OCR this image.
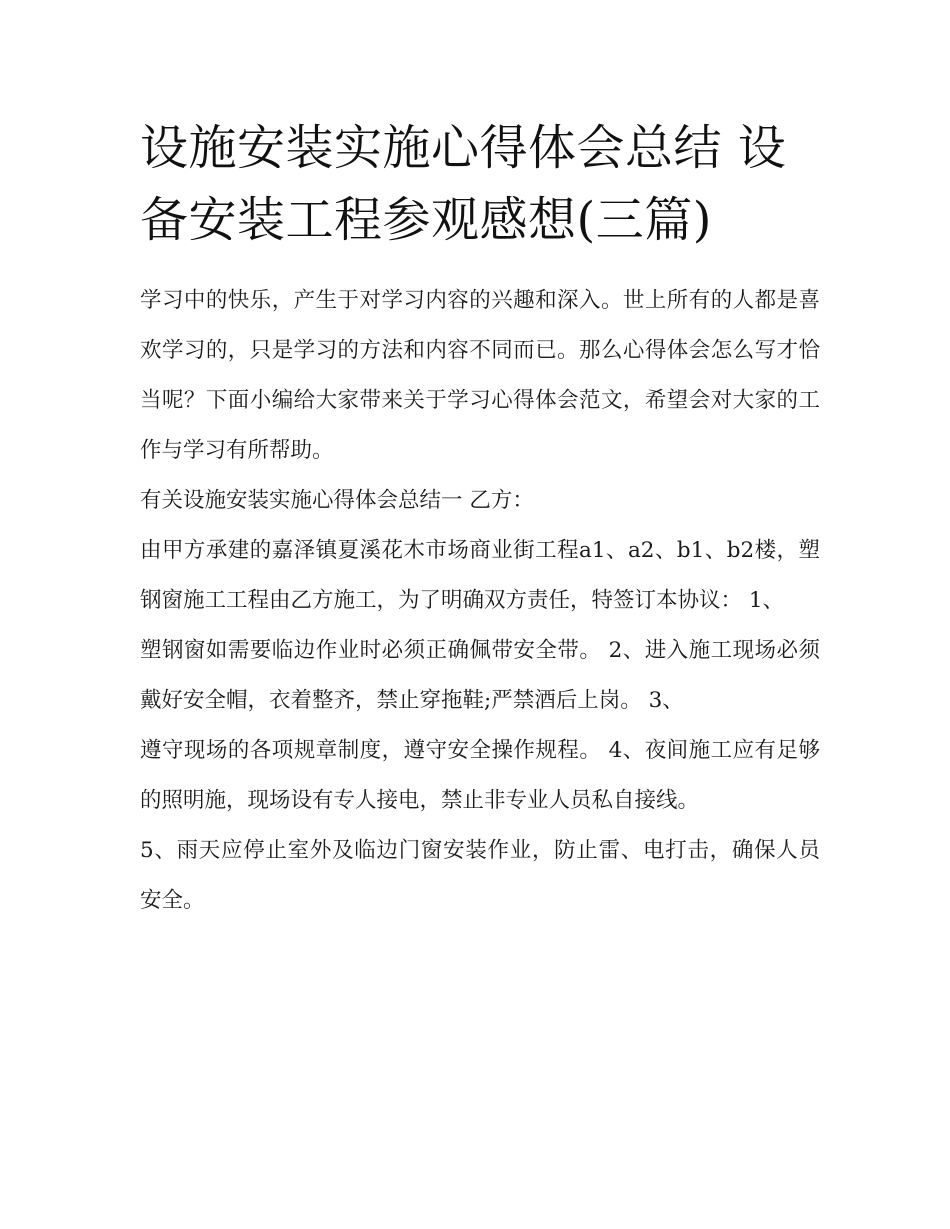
设施安装实施心得体会总结 设备安装工程参观感想(三篇)

学习中的快乐，产生于对学习内容的兴趣和深入。世上所有的人都是喜欢学习的，只是学习的方法和内容不同而已。那么心得体会怎么写才恰当呢？下面小编给大家带来关于学习心得体会范文，希望会对大家的工作与学习有所帮助。

有关设施安装实施心得体会总结一 乙方：

由甲方承建的嘉泽镇夏溪花木市场商业街工程a1、a2、b1、b2楼，塑钢窗施工工程由乙方施工，为了明确双方责任，特签订本协议： 1、

塑钢窗如需要临边作业时必须正确佩带安全带。 2、进入施工现场必须戴好安全帽，衣着整齐，禁止穿拖鞋;严禁酒后上岗。 3、

遵守现场的各项规章制度，遵守安全操作规程。 4、夜间施工应有足够的照明施，现场设有专人接电，禁止非专业人员私自接线。

5、雨天应停止室外及临边门窗安装作业，防止雷、电打击，确保人员安全。
